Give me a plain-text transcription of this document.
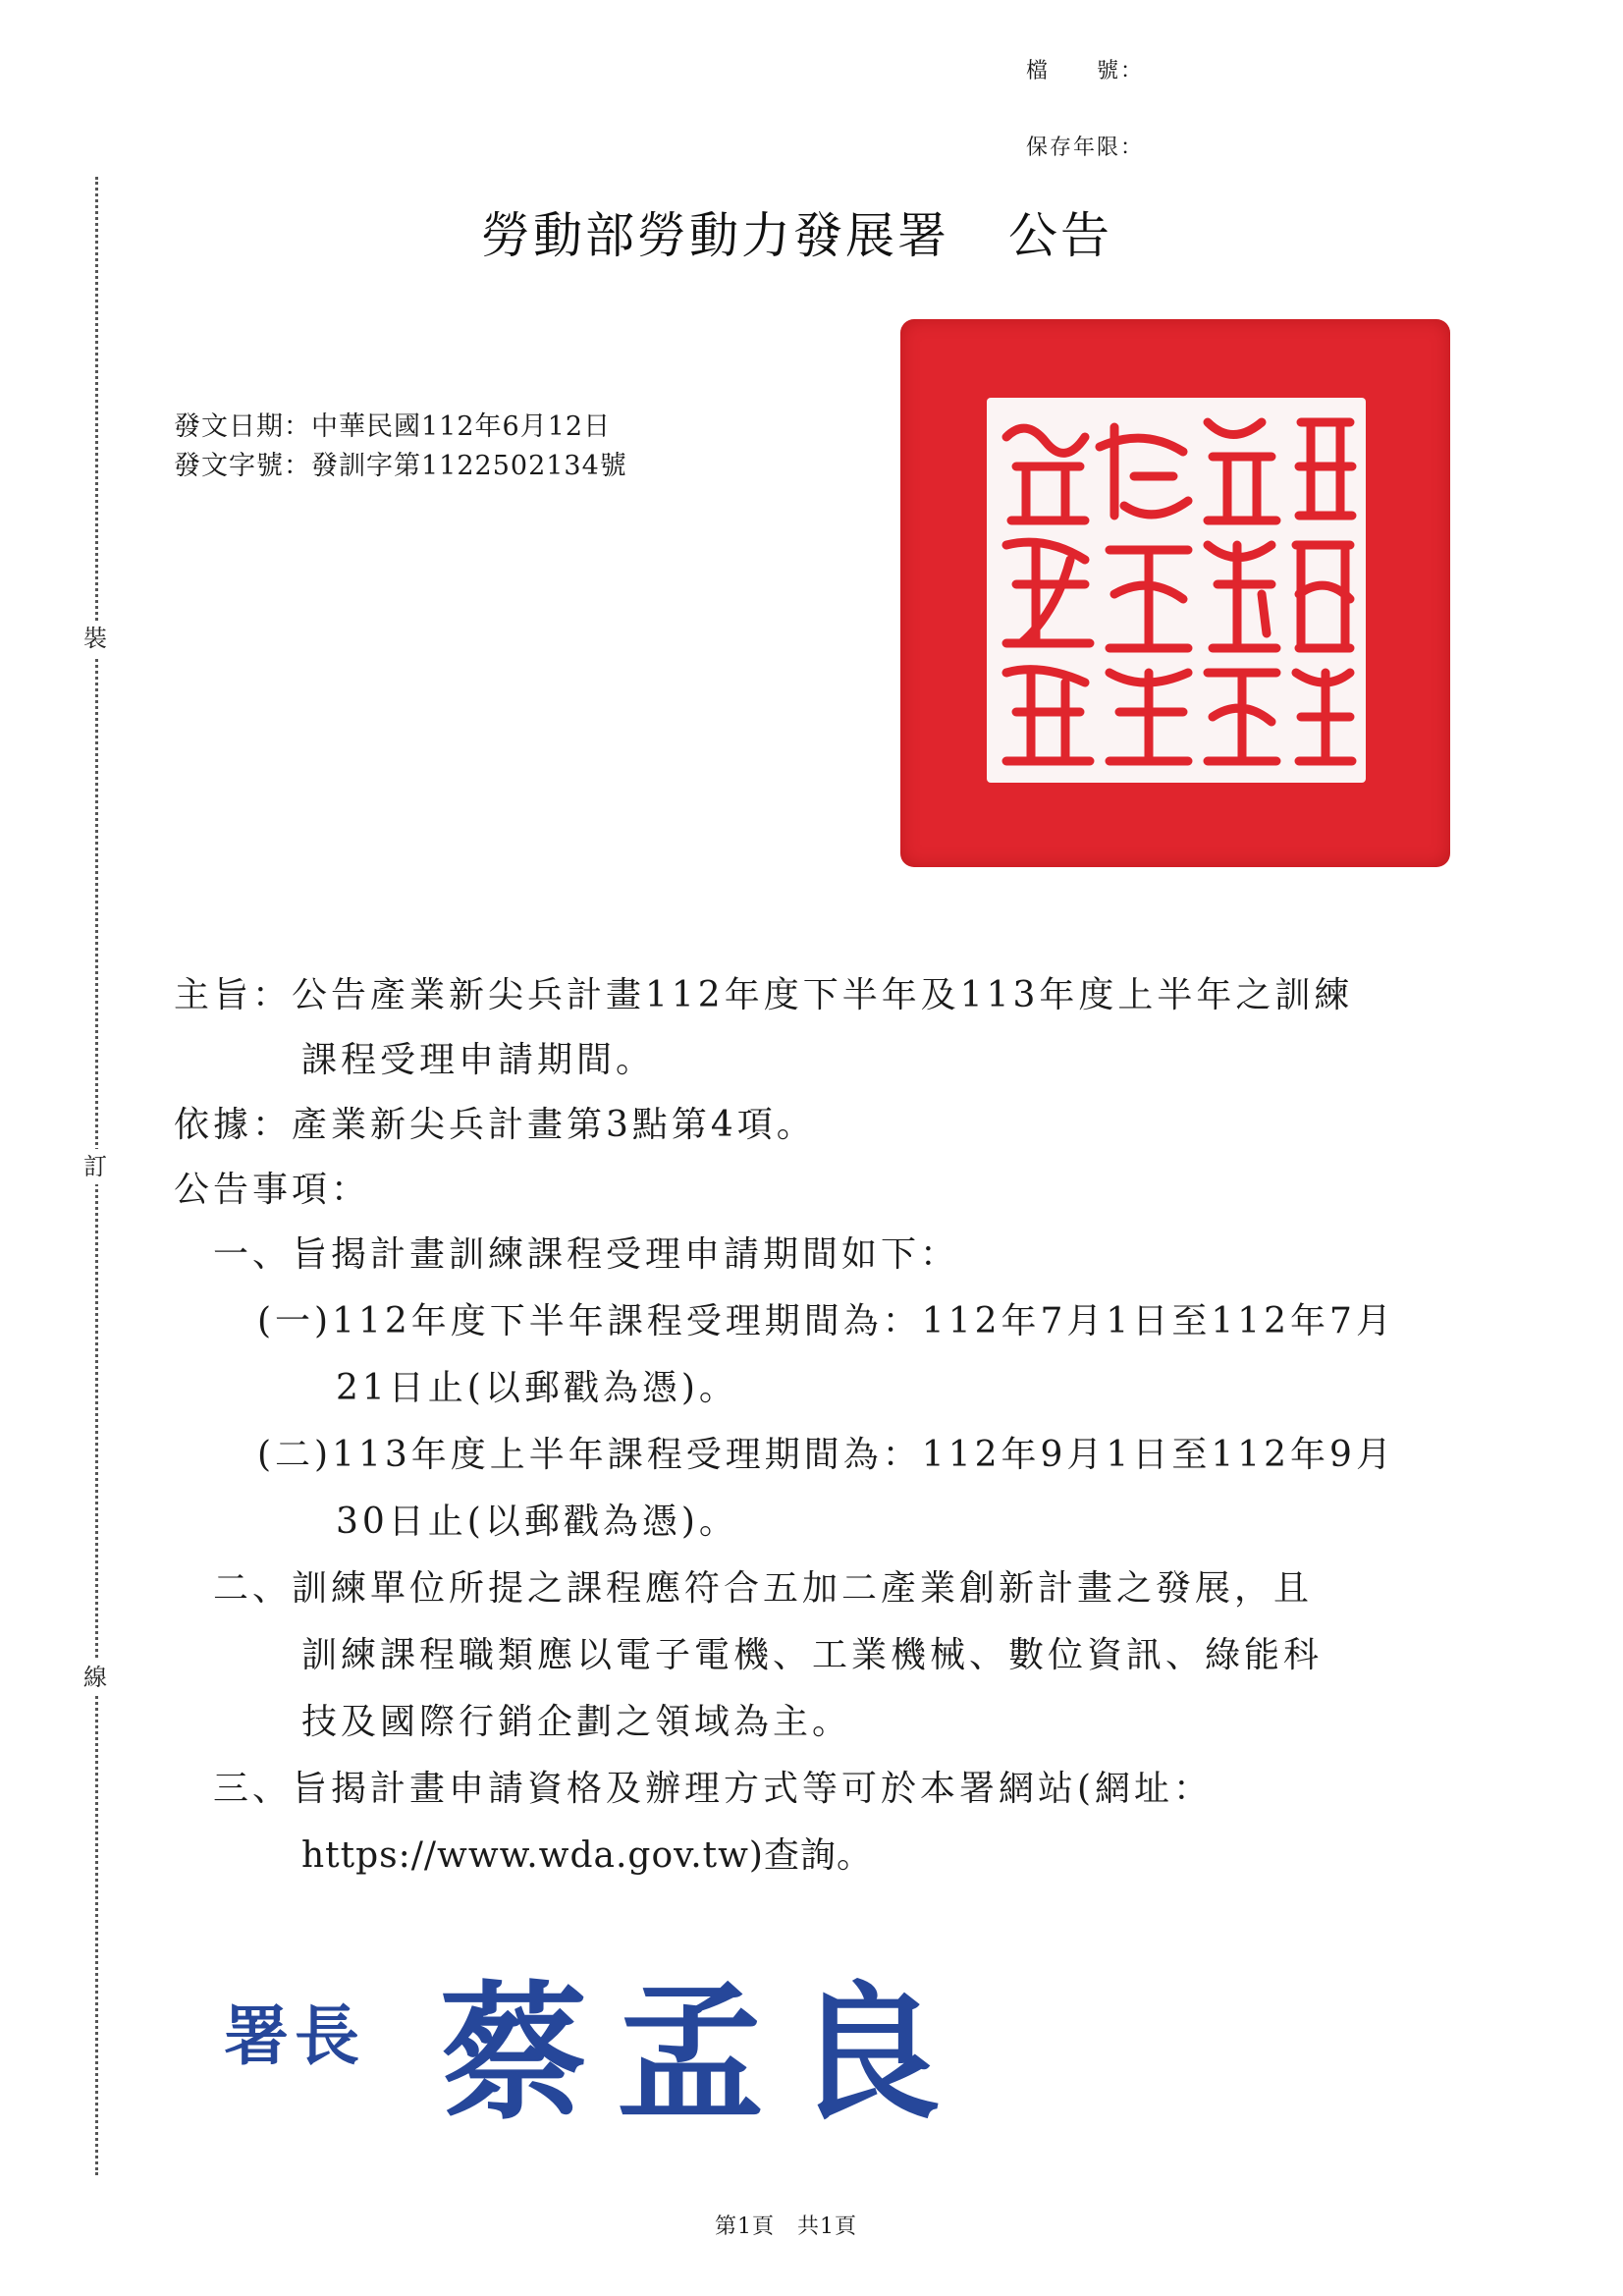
裝
訂
線
檔　　號：
保存年限：
勞動部勞動力發展署 公告
發文日期：中華民國112年6月12日
發文字號：發訓字第1122502134號
主旨：公告產業新尖兵計畫112年度下半年及113年度上半年之訓練
課程受理申請期間。
依據：產業新尖兵計畫第3點第4項。
公告事項：
一、旨揭計畫訓練課程受理申請期間如下：
(一)112年度下半年課程受理期間為：112年7月1日至112年7月
21日止(以郵戳為憑)。
(二)113年度上半年課程受理期間為：112年9月1日至112年9月
30日止(以郵戳為憑)。
二、訓練單位所提之課程應符合五加二產業創新計畫之發展，且
訓練課程職類應以電子電機、工業機械、數位資訊、綠能科
技及國際行銷企劃之領域為主。
三、旨揭計畫申請資格及辦理方式等可於本署網站(網址：
https://www.wda.gov.tw)查詢。
署長 蔡孟良
第1頁　共1頁
